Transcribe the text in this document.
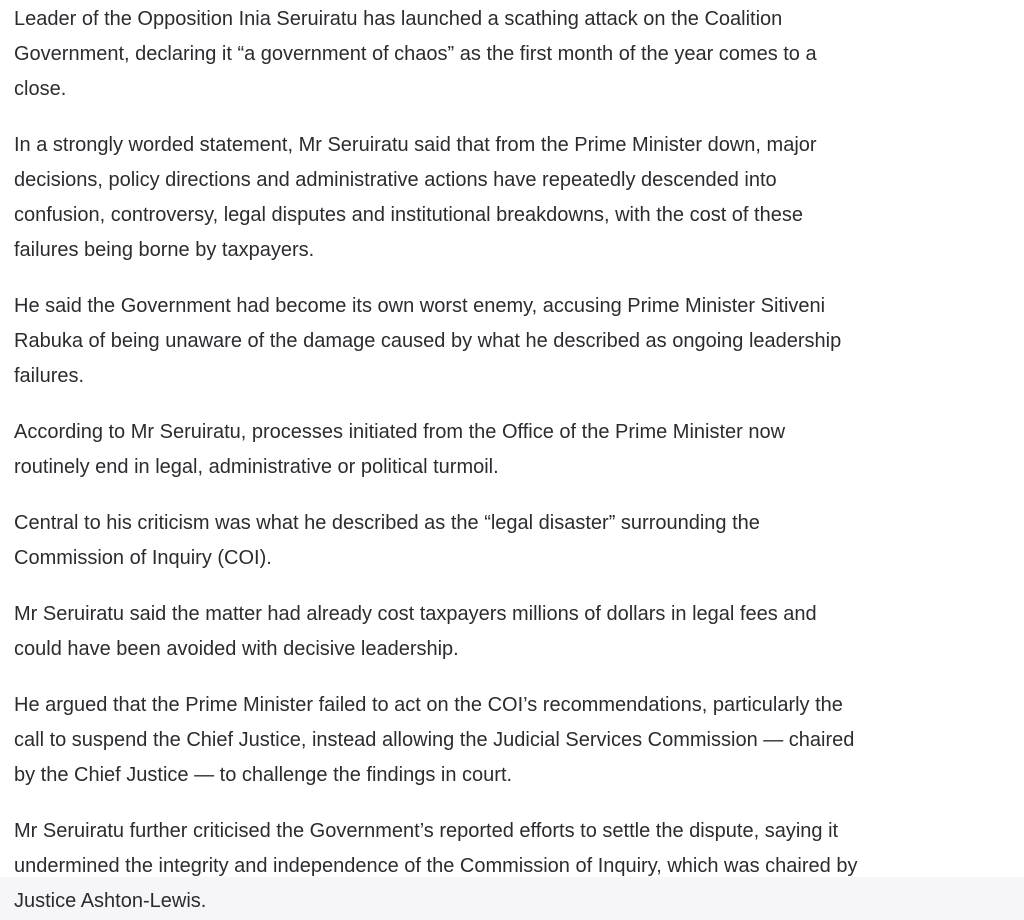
Leader of the Opposition Inia Seruiratu has launched a scathing attack on the Coalition
Government, declaring it “a government of chaos” as the first month of the year comes to a
close.

In a strongly worded statement, Mr Seruiratu said that from the Prime Minister down, major
decisions, policy directions and administrative actions have repeatedly descended into
confusion, controversy, legal disputes and institutional breakdowns, with the cost of these
failures being borne by taxpayers.

He said the Government had become its own worst enemy, accusing Prime Minister Sitiveni
Rabuka of being unaware of the damage caused by what he described as ongoing leadership
failures.

According to Mr Seruiratu, processes initiated from the Office of the Prime Minister now
routinely end in legal, administrative or political turmoil.

Central to his criticism was what he described as the “legal disaster” surrounding the
Commission of Inquiry (COI).

Mr Seruiratu said the matter had already cost taxpayers millions of dollars in legal fees and
could have been avoided with decisive leadership.

He argued that the Prime Minister failed to act on the COI’s recommendations, particularly the
call to suspend the Chief Justice, instead allowing the Judicial Services Commission — chaired
by the Chief Justice — to challenge the findings in court.

Mr Seruiratu further criticised the Government’s reported efforts to settle the dispute, saying it
undermined the integrity and independence of the Commission of Inquiry, which was chaired by
Justice Ashton-Lewis.
